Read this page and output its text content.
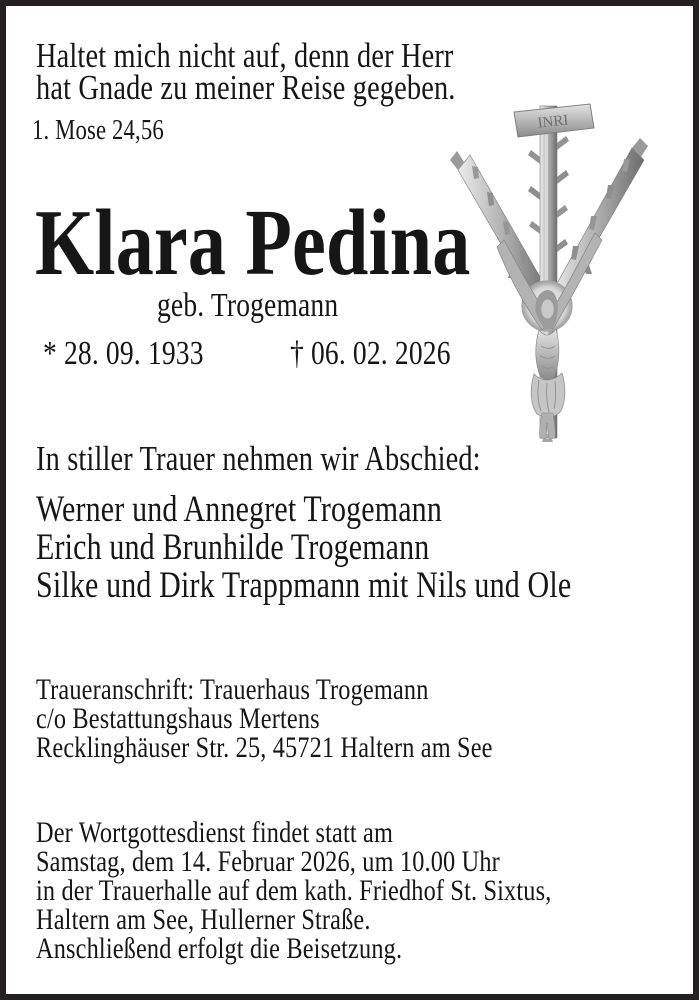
Haltet mich nicht auf, denn der Herr
hat Gnade zu meiner Reise gegeben.
1. Mose 24,56	INRI
Klara Pedina
geb. Trogemann
* 28. 09. 1933	† 06. 02. 2026
In stiller Trauer nehmen wir Abschied:
Werner und Annegret Trogemann
Erich und Brunhilde Trogemann
Silke und Dirk Trappmann mit Nils und Ole
Traueranschrift: Trauerhaus Trogemann
c/o Bestattungshaus Mertens
Recklinghäuser Str. 25, 45721 Haltern am See
Der Wortgottesdienst findet statt am
Samstag, dem 14. Februar 2026, um 10.00 Uhr
in der Trauerhalle auf dem kath. Friedhof St. Sixtus,
Haltern am See, Hullerner Straße.
Anschließend erfolgt die Beisetzung.
